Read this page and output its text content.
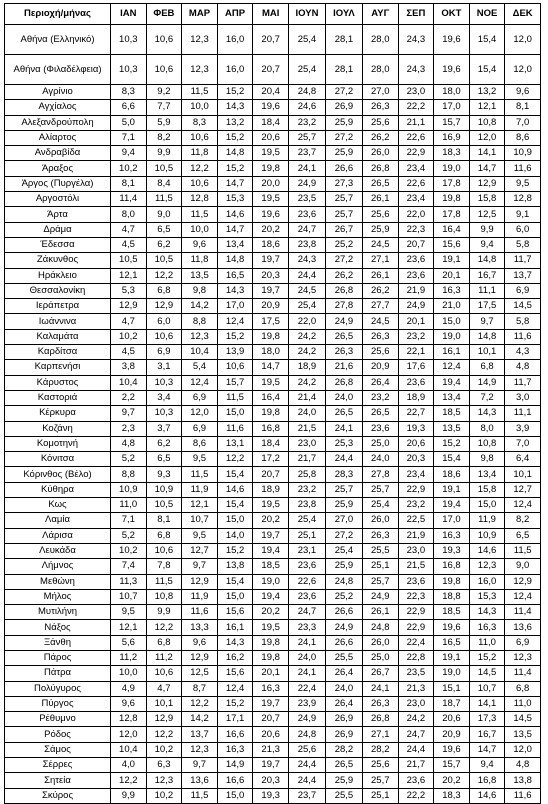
Περιοχή/μήνας	ΙΑΝ	ΦΕΒ	ΜΑΡ	ΑΠΡ	ΜΑΙ	ΙΟΥΝ	ΙΟΥΛ	ΑΥΓ	ΣΕΠ	ΟΚΤ	ΝΟΕ	ΔΕΚ
Αθήνα (Ελληνικό)	10,3	10,6	12,3	16,0	20,7	25,4	28,1	28,0	24,3	19,6	15,4	12,0
Αθήνα (Φιλαδέλφεια)	10,3	10,6	12,3	16,0	20,7	25,4	28,1	28,0	24,3	19,6	15,4	12,0
Αγρίνιο	8,3	9,2	11,5	15,2	20,4	24,8	27,2	27,0	23,0	18,0	13,2	9,6
Αγχίαλος	6,6	7,7	10,0	14,3	19,6	24,6	26,9	26,3	22,2	17,0	12,1	8,1
Αλεξανδρούπολη	5,0	5,9	8,3	13,2	18,4	23,2	25,9	25,6	21,1	15,7	10,8	7,0
Αλίαρτος	7,1	8,2	10,6	15,2	20,6	25,7	27,2	26,2	22,6	16,9	12,0	8,6
Ανδραβίδα	9,4	9,9	11,8	14,8	19,5	23,7	25,9	26,0	22,9	18,3	14,1	10,9
Άραξος	10,2	10,5	12,2	15,2	19,8	24,1	26,6	26,8	23,4	19,0	14,7	11,6
Άργος (Πυργέλα)	8,1	8,4	10,6	14,7	20,0	24,9	27,3	26,5	22,6	17,8	12,9	9,5
Αργοστόλι	11,4	11,5	12,8	15,3	19,5	23,5	25,7	26,1	23,4	19,8	15,8	12,8
Άρτα	8,0	9,0	11,5	14,6	19,6	23,6	25,7	25,6	22,0	17,8	12,5	9,1
Δράμα	4,7	6,5	10,0	14,7	20,2	24,7	26,7	25,9	22,3	16,4	9,9	6,0
Έδεσσα	4,5	6,2	9,6	13,4	18,6	23,8	25,2	24,5	20,7	15,6	9,4	5,8
Ζάκυνθος	10,5	10,5	11,8	14,8	19,7	24,3	27,2	27,1	23,6	19,1	14,8	11,7
Ηράκλειο	12,1	12,2	13,5	16,5	20,3	24,4	26,2	26,1	23,6	20,1	16,7	13,7
Θεσσαλονίκη	5,3	6,8	9,8	14,3	19,7	24,5	26,8	26,2	21,9	16,3	11,1	6,9
Ιεράπετρα	12,9	12,9	14,2	17,0	20,9	25,4	27,8	27,7	24,9	21,0	17,5	14,5
Ιωάννινα	4,7	6,0	8,8	12,4	17,5	22,0	24,9	24,5	20,1	15,0	9,7	5,8
Καλαμάτα	10,2	10,6	12,3	15,2	19,8	24,2	26,5	26,3	23,2	19,0	14,8	11,6
Καρδίτσα	4,5	6,9	10,4	13,9	18,0	24,2	26,3	25,6	22,1	16,1	10,1	4,3
Καρπενήσι	3,8	3,1	5,4	10,6	14,7	18,9	21,6	20,9	17,6	12,4	6,8	4,8
Κάρυστος	10,4	10,3	12,4	15,7	19,5	24,2	26,8	26,4	23,6	19,4	14,9	11,7
Καστοριά	2,2	3,4	6,9	11,5	16,4	21,4	24,0	23,2	18,9	13,4	7,2	3,0
Κέρκυρα	9,7	10,3	12,0	15,0	19,8	24,0	26,5	26,5	22,7	18,5	14,3	11,1
Κοζάνη	2,3	3,7	6,9	11,6	16,8	21,5	24,1	23,6	19,3	13,5	8,0	3,9
Κομοτηνή	4,8	6,2	8,6	13,1	18,4	23,0	25,3	25,0	20,6	15,2	10,8	7,0
Κόνιτσα	5,2	6,5	9,5	12,2	17,2	21,7	24,4	24,0	20,3	15,4	9,8	6,4
Κόρινθος (Βέλο)	8,8	9,3	11,5	15,4	20,7	25,8	28,3	27,8	23,4	18,6	13,4	10,1
Κύθηρα	10,9	10,9	11,9	14,6	18,9	23,2	25,7	25,7	22,9	19,1	15,8	12,7
Κως	11,0	10,5	12,1	15,4	19,5	23,8	25,9	25,4	23,2	19,4	15,0	12,4
Λαμία	7,1	8,1	10,7	15,0	20,2	25,4	27,0	26,0	22,5	17,0	11,9	8,2
Λάρισα	5,2	6,8	9,5	14,0	19,7	25,1	27,2	26,3	21,9	16,3	10,9	6,5
Λευκάδα	10,2	10,6	12,7	15,2	19,4	23,1	25,4	25,5	23,0	19,3	14,6	11,5
Λήμνος	7,4	7,8	9,7	13,8	18,5	23,6	25,9	25,1	21,5	16,8	12,3	9,0
Μεθώνη	11,3	11,5	12,9	15,4	19,0	22,6	24,8	25,7	23,6	19,8	16,0	12,9
Μήλος	10,7	10,8	11,9	15,0	19,4	23,6	25,2	24,9	22,3	18,8	15,3	12,4
Μυτιλήνη	9,5	9,9	11,6	15,6	20,2	24,7	26,6	26,1	22,9	18,5	14,3	11,4
Νάξος	12,1	12,2	13,3	16,1	19,5	23,3	24,9	24,8	22,9	19,6	16,3	13,6
Ξάνθη	5,6	6,8	9,6	14,3	19,8	24,1	26,6	26,0	22,4	16,5	11,0	6,9
Πάρος	11,2	11,2	12,9	16,2	19,8	24,0	25,5	25,0	22,8	19,1	15,2	12,3
Πάτρα	10,0	10,6	12,5	15,6	20,1	24,1	26,4	26,7	23,5	19,0	14,5	11,4
Πολύγυρος	4,9	4,7	8,7	12,4	16,3	22,4	24,0	24,1	21,3	15,1	10,7	6,8
Πύργος	9,6	10,1	12,2	15,2	19,7	23,9	26,4	26,3	23,0	18,7	14,1	11,0
Ρέθυμνο	12,8	12,9	14,2	17,1	20,7	24,9	26,9	26,8	24,2	20,6	17,3	14,5
Ρόδος	12,0	12,2	13,7	16,6	20,6	24,8	26,9	27,1	24,7	20,9	16,7	13,5
Σάμος	10,4	10,2	12,3	16,3	21,3	25,6	28,2	28,2	24,4	19,6	14,7	12,0
Σέρρες	4,0	6,3	9,7	14,9	19,7	24,4	26,5	25,6	21,7	15,7	9,4	4,8
Σητεία	12,2	12,3	13,6	16,6	20,3	24,4	25,9	25,7	23,6	20,2	16,8	13,8
Σκύρος	9,9	10,2	11,5	15,0	19,3	23,7	25,5	25,1	22,2	18,3	14,6	11,6
